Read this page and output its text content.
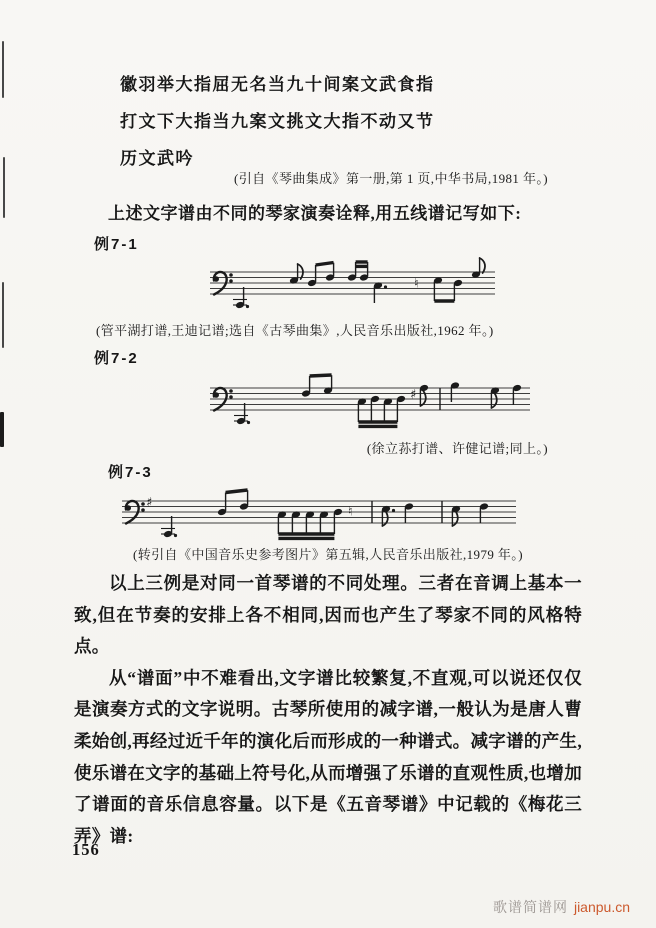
徽羽举大指屈无名当九十间案文武食指
打文下大指当九案文挑文大指不动又节
历文武吟
(引自《琴曲集成》第一册,第 1 页,中华书局,1981 年。)
上述文字谱由不同的琴家演奏诠释,用五线谱记写如下:
例7-1
♮
(管平湖打谱,王迪记谱;选自《古琴曲集》,人民音乐出版社,1962 年。)
例7-2
♯
(徐立荪打谱、许健记谱;同上。)
例7-3
♯
♮
(转引自《中国音乐史参考图片》第五辑,人民音乐出版社,1979 年。)

以上三例是对同一首琴谱的不同处理。三者在音调上基本一致,但在节奏的安排上各不相同,因而也产生了琴家不同的风格特点。

从“谱面”中不难看出,文字谱比较繁复,不直观,可以说还仅仅是演奏方式的文字说明。古琴所使用的减字谱,一般认为是唐人曹柔始创,再经过近千年的演化后而形成的一种谱式。减字谱的产生,使乐谱在文字的基础上符号化,从而增强了乐谱的直观性质,也增加了谱面的音乐信息容量。以下是《五音琴谱》中记载的《梅花三弄》谱:

156
歌谱简谱网 jianpu.cn
